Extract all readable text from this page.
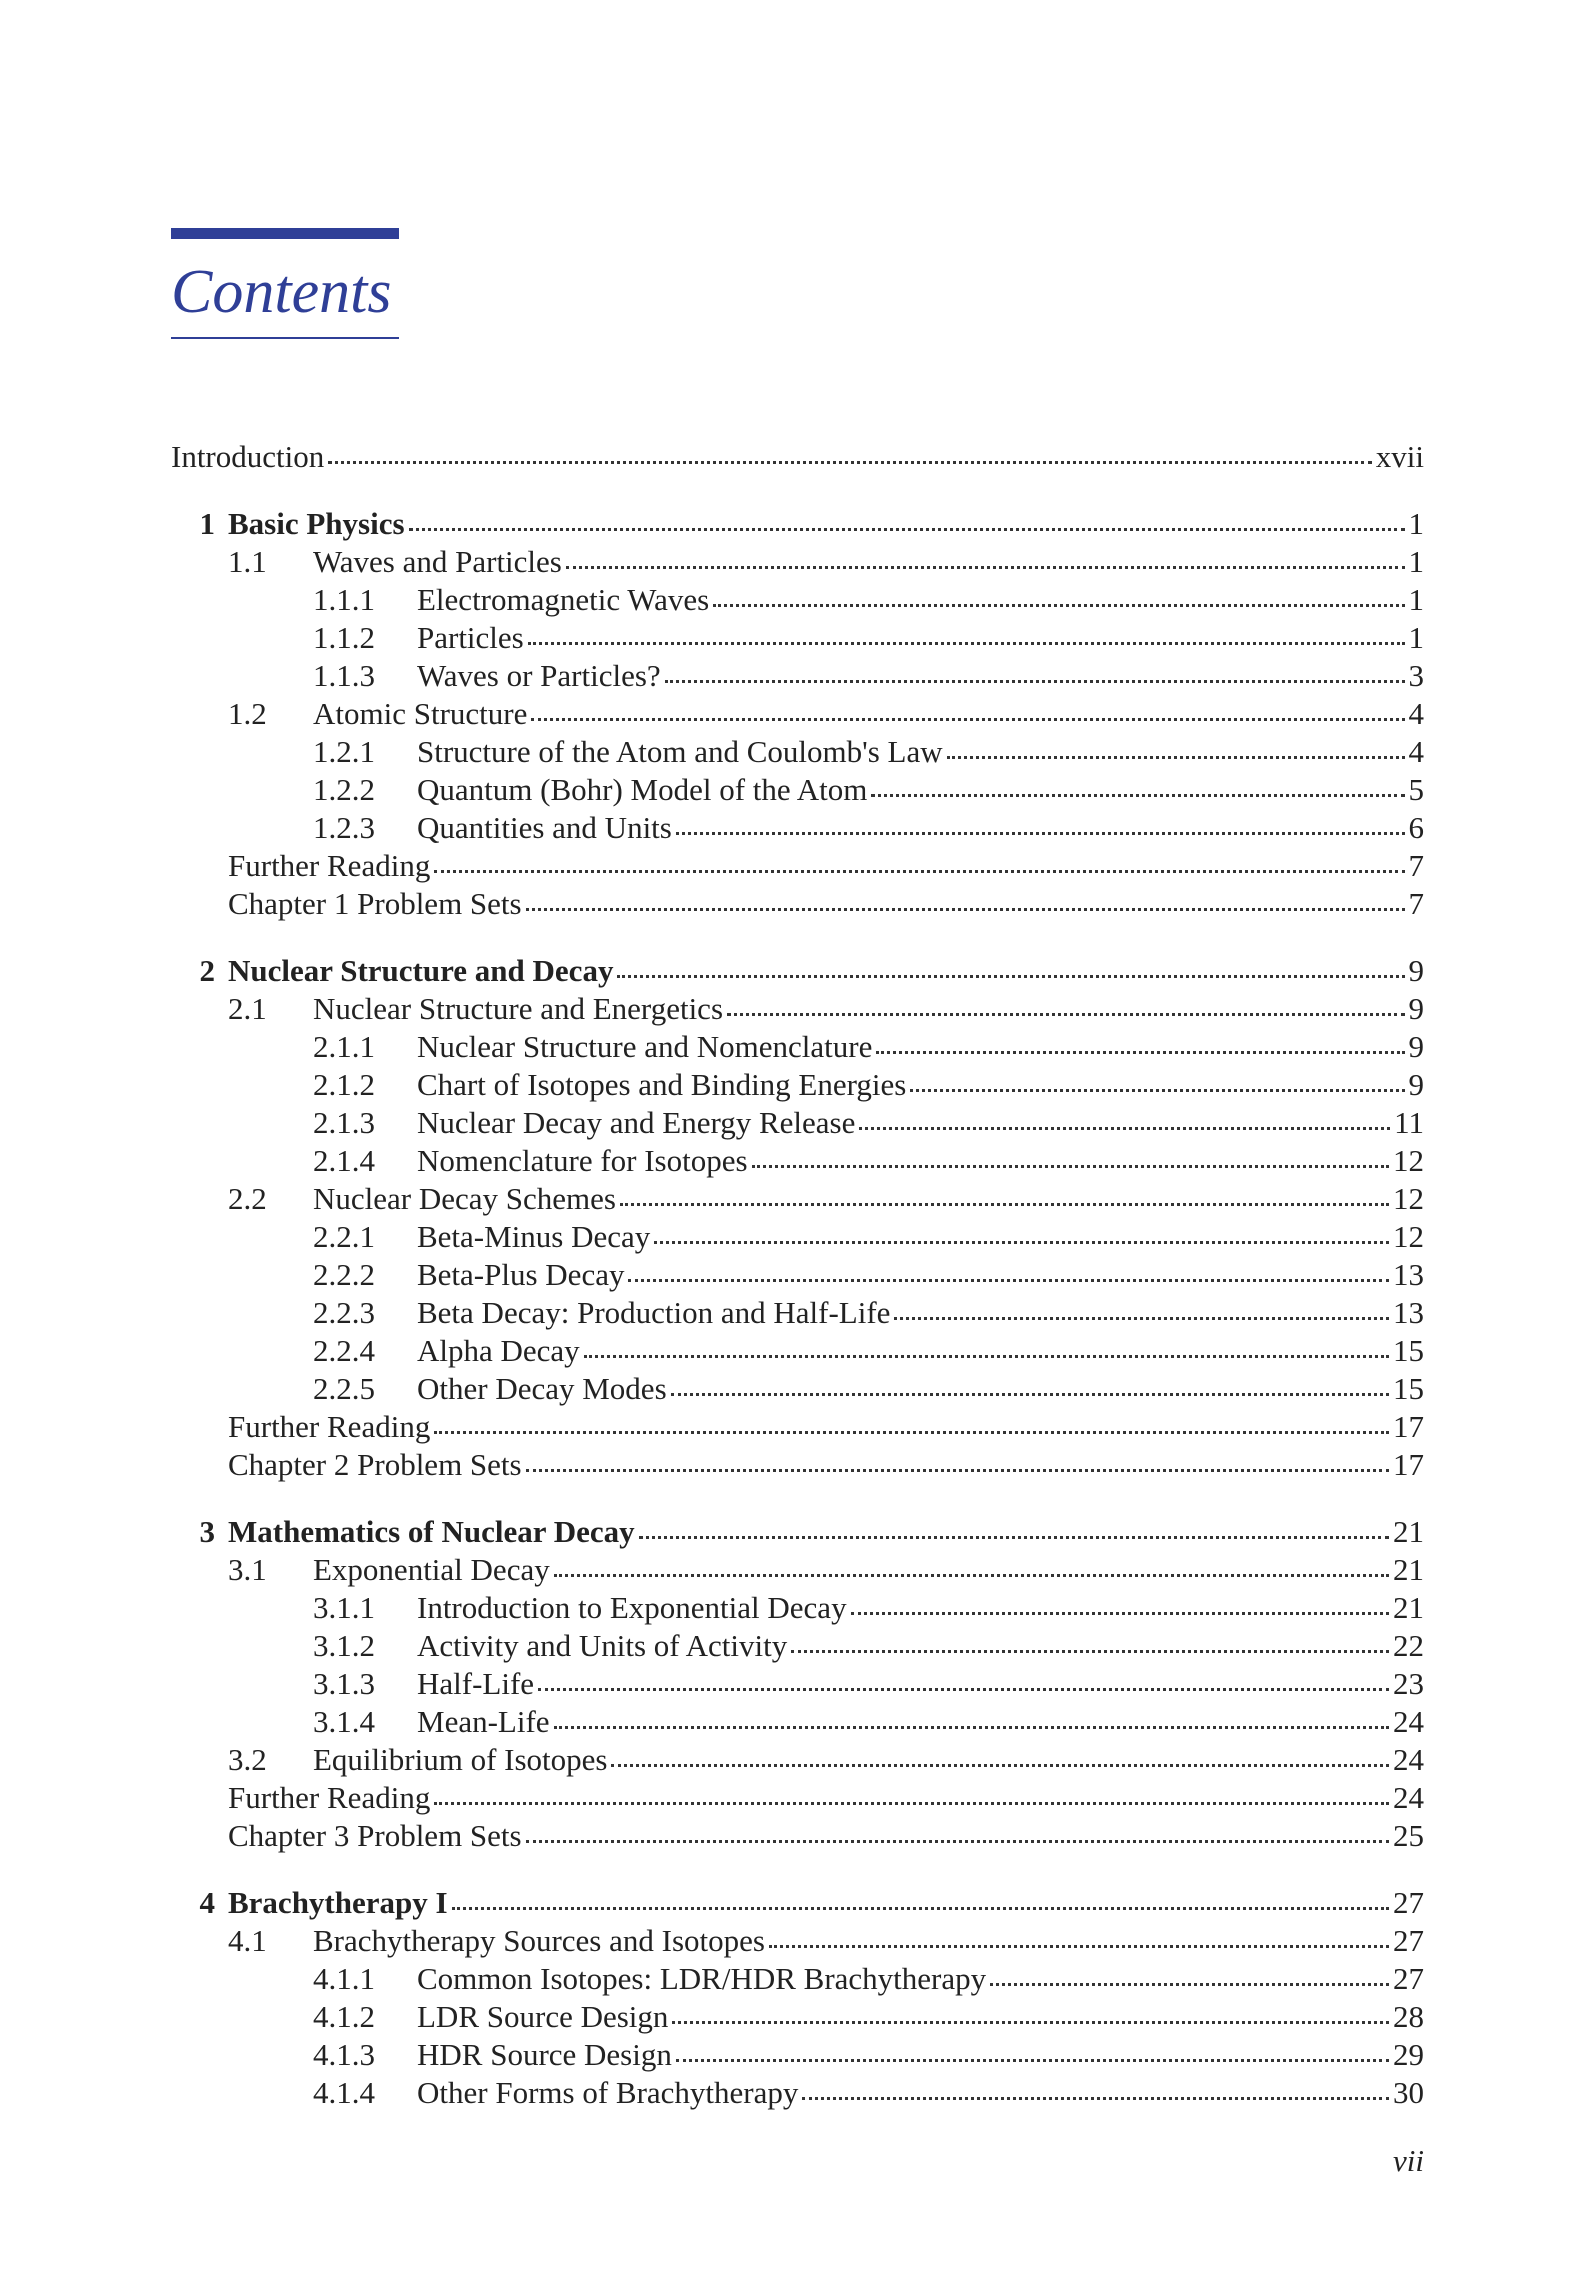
Contents
Introduction	xvii
1 Basic Physics	1
1.1	Waves and Particles	1
1.1.1	Electromagnetic Waves	1
1.1.2	Particles	1
1.1.3	Waves or Particles?	3
1.2	Atomic Structure	4
1.2.1	Structure of the Atom and Coulomb's Law	4
1.2.2	Quantum (Bohr) Model of the Atom	5
1.2.3	Quantities and Units	6
Further Reading	7
Chapter 1 Problem Sets	7
2 Nuclear Structure and Decay	9
2.1	Nuclear Structure and Energetics	9
2.1.1	Nuclear Structure and Nomenclature	9
2.1.2	Chart of Isotopes and Binding Energies	9
2.1.3	Nuclear Decay and Energy Release	11
2.1.4	Nomenclature for Isotopes	12
2.2	Nuclear Decay Schemes	12
2.2.1	Beta-Minus Decay	12
2.2.2	Beta-Plus Decay	13
2.2.3	Beta Decay: Production and Half-Life	13
2.2.4	Alpha Decay	15
2.2.5	Other Decay Modes	15
Further Reading	17
Chapter 2 Problem Sets	17
3 Mathematics of Nuclear Decay	21
3.1	Exponential Decay	21
3.1.1	Introduction to Exponential Decay	21
3.1.2	Activity and Units of Activity	22
3.1.3	Half-Life	23
3.1.4	Mean-Life	24
3.2	Equilibrium of Isotopes	24
Further Reading	24
Chapter 3 Problem Sets	25
4 Brachytherapy I	27
4.1	Brachytherapy Sources and Isotopes	27
4.1.1	Common Isotopes: LDR/HDR Brachytherapy	27
4.1.2	LDR Source Design	28
4.1.3	HDR Source Design	29
4.1.4	Other Forms of Brachytherapy	30
vii
